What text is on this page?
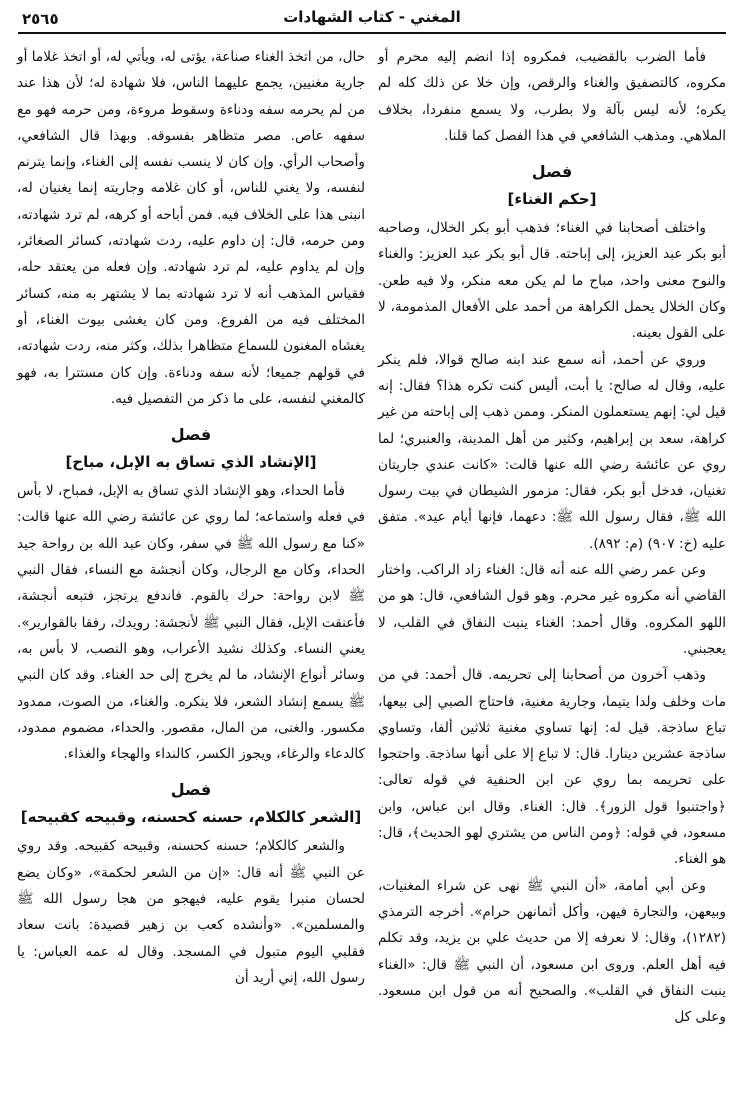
المغني - كتاب الشهادات
٢٥٦٥

فأما الضرب بالقضيب، فمكروه إذا انضم إليه محرم أو مكروه، كالتصفيق والغناء والرقص، وإن خلا عن ذلك كله لم يكره؛ لأنه ليس بآلة ولا بطرب، ولا يسمع منفردا، بخلاف الملاهي. ومذهب الشافعي في هذا الفصل كما قلنا.

فصل
[حكم الغناء]

واختلف أصحابنا في الغناء؛ فذهب أبو بكر الخلال، وصاحبه أبو بكر عبد العزيز، إلى إباحته. قال أبو بكر عبد العزيز: والغناء والنوح معنى واحد، مباح ما لم يكن معه منكر، ولا فيه طعن. وكان الخلال يحمل الكراهة من أحمد على الأفعال المذمومة، لا على القول بعينه.

وروي عن أحمد، أنه سمع عند ابنه صالح قوالا، فلم ينكر عليه، وقال له صالح: يا أبت، أليس كنت تكره هذا؟ فقال: إنه قيل لي: إنهم يستعملون المنكر. وممن ذهب إلى إباحته من غير كراهة، سعد بن إبراهيم، وكثير من أهل المدينة، والعنبري؛ لما روي عن عائشة رضي الله عنها قالت: «كانت عندي جاريتان تغنيان، فدخل أبو بكر، فقال: مزمور الشيطان في بيت رسول الله ﷺ، فقال رسول الله ﷺ: دعهما، فإنها أيام عيد». متفق عليه (خ: ٩٠٧) (م: ٨٩٢).

وعن عمر رضي الله عنه أنه قال: الغناء زاد الراكب. واختار القاضي أنه مكروه غير محرم. وهو قول الشافعي، قال: هو من اللهو المكروه. وقال أحمد: الغناء ينبت النفاق في القلب، لا يعجبني.

وذهب آخرون من أصحابنا إلى تحريمه. قال أحمد: في من مات وخلف ولدا يتيما، وجارية مغنية، فاحتاج الصبي إلى بيعها، تباع ساذجة. قيل له: إنها تساوي مغنية ثلاثين ألفا، وتساوي ساذجة عشرين دينارا. قال: لا تباع إلا على أنها ساذجة. واحتجوا على تحريمه بما روي عن ابن الحنفية في قوله تعالى: ﴿واجتنبوا قول الزور﴾. قال: الغناء. وقال ابن عباس، وابن مسعود، في قوله: ﴿ومن الناس من يشتري لهو الحديث﴾، قال: هو الغناء.

وعن أبي أمامة، «أن النبي ﷺ نهى عن شراء المغنيات، وبيعهن، والتجارة فيهن، وأكل أثمانهن حرام». أخرجه الترمذي (١٢٨٢)، وقال: لا نعرفه إلا من حديث علي بن يزيد، وقد تكلم فيه أهل العلم. وروى ابن مسعود، أن النبي ﷺ قال: «الغناء ينبت النفاق في القلب». والصحيح أنه من قول ابن مسعود. وعلى كل

حال، من اتخذ الغناء صناعة، يؤتى له، ويأتي له، أو اتخذ غلاما أو جارية مغنيين، يجمع عليهما الناس، فلا شهادة له؛ لأن هذا عند من لم يحرمه سفه ودناءة وسقوط مروءة، ومن حرمه فهو مع سفهه عاص. مصر متظاهر بفسوقه. وبهذا قال الشافعي، وأصحاب الرأي. وإن كان لا ينسب نفسه إلى الغناء، وإنما يترنم لنفسه، ولا يغني للناس، أو كان غلامه وجاريته إنما يغنيان له، انبنى هذا على الخلاف فيه. فمن أباحه أو كرهه، لم ترد شهادته، ومن حرمه، قال: إن داوم عليه، ردت شهادته، كسائر الصغائر، وإن لم يداوم عليه، لم ترد شهادته. وإن فعله من يعتقد حله، فقياس المذهب أنه لا ترد شهادته بما لا يشتهر به منه، كسائر المختلف فيه من الفروع. ومن كان يغشى بيوت الغناء، أو يغشاه المغنون للسماع متظاهرا بذلك، وكثر منه، ردت شهادته، في قولهم جميعا؛ لأنه سفه ودناءة. وإن كان مستترا به، فهو كالمغني لنفسه، على ما ذكر من التفصيل فيه.

فصل
[الإنشاد الذي تساق به الإبل، مباح]

فأما الحداء، وهو الإنشاد الذي تساق به الإبل، فمباح، لا بأس في فعله واستماعه؛ لما روي عن عائشة رضي الله عنها قالت: «كنا مع رسول الله ﷺ في سفر، وكان عبد الله بن رواحة جيد الحداء، وكان مع الرجال، وكان أنجشة مع النساء، فقال النبي ﷺ لابن رواحة: حرك بالقوم. فاندفع يرتجز، فتبعه أنجشة، فأعنقت الإبل، فقال النبي ﷺ لأنجشة: رويدك، رفقا بالقوارير». يعني النساء. وكذلك نشيد الأعراب، وهو النصب، لا بأس به، وسائر أنواع الإنشاد، ما لم يخرج إلى حد الغناء. وقد كان النبي ﷺ يسمع إنشاد الشعر، فلا ينكره. والغناء، من الصوت، ممدود مكسور. والغنى، من المال، مقصور. والحداء، مضموم ممدود، كالدعاء والرغاء، ويجوز الكسر، كالنداء والهجاء والغذاء.

فصل
[الشعر كالكلام، حسنه كحسنه، وقبيحه كقبيحه]

والشعر كالكلام؛ حسنه كحسنه، وقبيحه كقبيحه. وقد روي عن النبي ﷺ أنه قال: «إن من الشعر لحكمة»، «وكان يضع لحسان منبرا يقوم عليه، فيهجو من هجا رسول الله ﷺ والمسلمين». «وأنشده كعب بن زهير قصيدة: بانت سعاد فقلبي اليوم متبول في المسجد. وقال له عمه العباس: يا رسول الله، إني أريد أن
